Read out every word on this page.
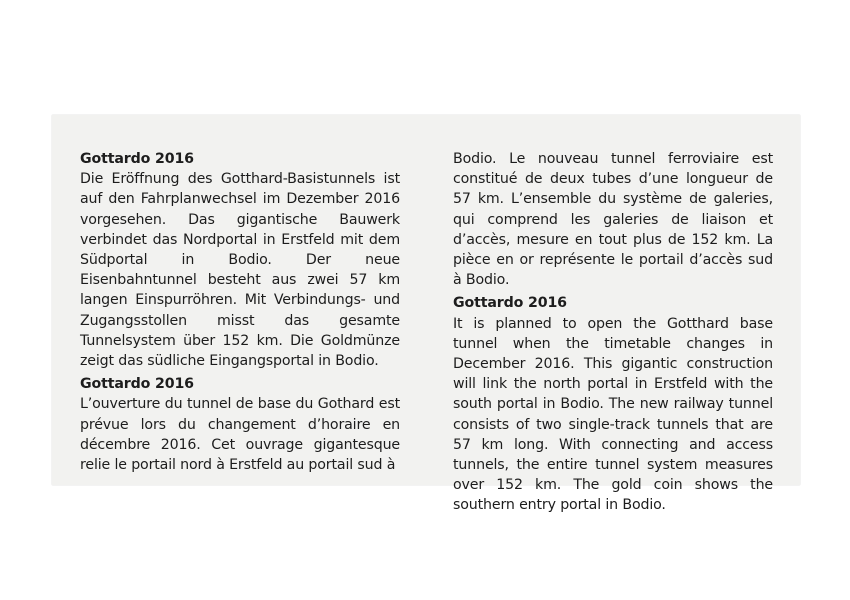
Gottardo 2016

Die Eröffnung des Gotthard-Basistunnels ist auf den Fahrplanwechsel im Dezember 2016 vorgesehen. Das gigantische Bauwerk verbindet das Nordportal in Erstfeld mit dem Südportal in Bodio. Der neue Eisenbahntunnel besteht aus zwei 57 km langen Einspurröhren. Mit Verbindungs- und Zugangsstollen misst das gesamte Tunnelsystem über 152 km. Die Goldmünze zeigt das südliche Eingangsportal in Bodio.

Gottardo 2016

L’ouverture du tunnel de base du Gothard est prévue lors du changement d’horaire en décembre 2016. Cet ouvrage gigantesque relie le portail nord à Erstfeld au portail sud à

Bodio. Le nouveau tunnel ferroviaire est constitué de deux tubes d’une longueur de 57 km. L’ensemble du système de galeries, qui comprend les galeries de liaison et d’accès, mesure en tout plus de 152 km. La pièce en or représente le portail d’accès sud à Bodio.

Gottardo 2016

It is planned to open the Gotthard base tunnel when the timetable changes in December 2016. This gigantic construction will link the north portal in Erstfeld with the south portal in Bodio. The new railway tunnel consists of two single-track tunnels that are 57 km long. With connecting and access tunnels, the entire tunnel system measures over 152 km. The gold coin shows the southern entry portal in Bodio.
